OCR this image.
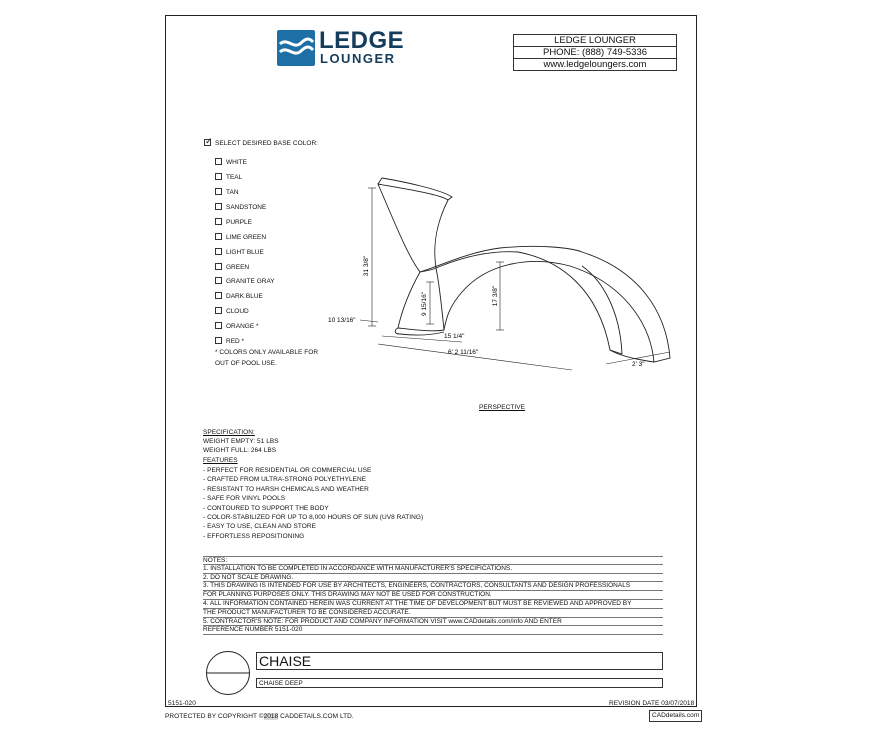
LEDGE
LOUNGER
LEDGE LOUNGER
PHONE: (888) 749-5336
www.ledgeloungers.com
✓SELECT DESIRED BASE COLOR:
WHITE
TEAL
TAN
SANDSTONE
PURPLE
LIME GREEN
LIGHT BLUE
GREEN
GRANITE GRAY
DARK BLUE
CLOUD
ORANGE *
RED *
* COLORS ONLY AVAILABLE FOR
OUT OF POOL USE.
31 3/8"
9 15/16"	17 3/8"
10 13/16"
15 1/4"
6' 2 11/16"
2' 3"
PERSPECTIVE
SPECIFICATION:
WEIGHT EMPTY: 51 LBS
WEIGHT FULL: 264 LBS
FEATURES
- PERFECT FOR RESIDENTIAL OR COMMERCIAL USE
- CRAFTED FROM ULTRA-STRONG POLYETHYLENE
- RESISTANT TO HARSH CHEMICALS AND WEATHER
- SAFE FOR VINYL POOLS
- CONTOURED TO SUPPORT THE BODY
- COLOR-STABILIZED FOR UP TO 8,000 HOURS OF SUN (UV8 RATING)
- EASY TO USE, CLEAN AND STORE
- EFFORTLESS REPOSITIONING
NOTES:
1. INSTALLATION TO BE COMPLETED IN ACCORDANCE WITH MANUFACTURER'S SPECIFICATIONS.
2. DO NOT SCALE DRAWING.
3. THIS DRAWING IS INTENDED FOR USE BY ARCHITECTS, ENGINEERS, CONTRACTORS, CONSULTANTS AND DESIGN PROFESSIONALS
FOR PLANNING PURPOSES ONLY. THIS DRAWING MAY NOT BE USED FOR CONSTRUCTION.
4. ALL INFORMATION CONTAINED HEREIN WAS CURRENT AT THE TIME OF DEVELOPMENT BUT MUST BE REVIEWED AND APPROVED BY
THE PRODUCT MANUFACTURER TO BE CONSIDERED ACCURATE.
5. CONTRACTOR'S NOTE: FOR PRODUCT AND COMPANY INFORMATION VISIT www.CADdetails.com/info AND ENTER
REFERENCE NUMBER 5151-020
CHAISE
CHAISE DEEP
5151-020	REVISION DATE 03/07/2018
PROTECTED BY COPYRIGHT ©2018 CADDETAILS.COM LTD.	CADdetails.com
